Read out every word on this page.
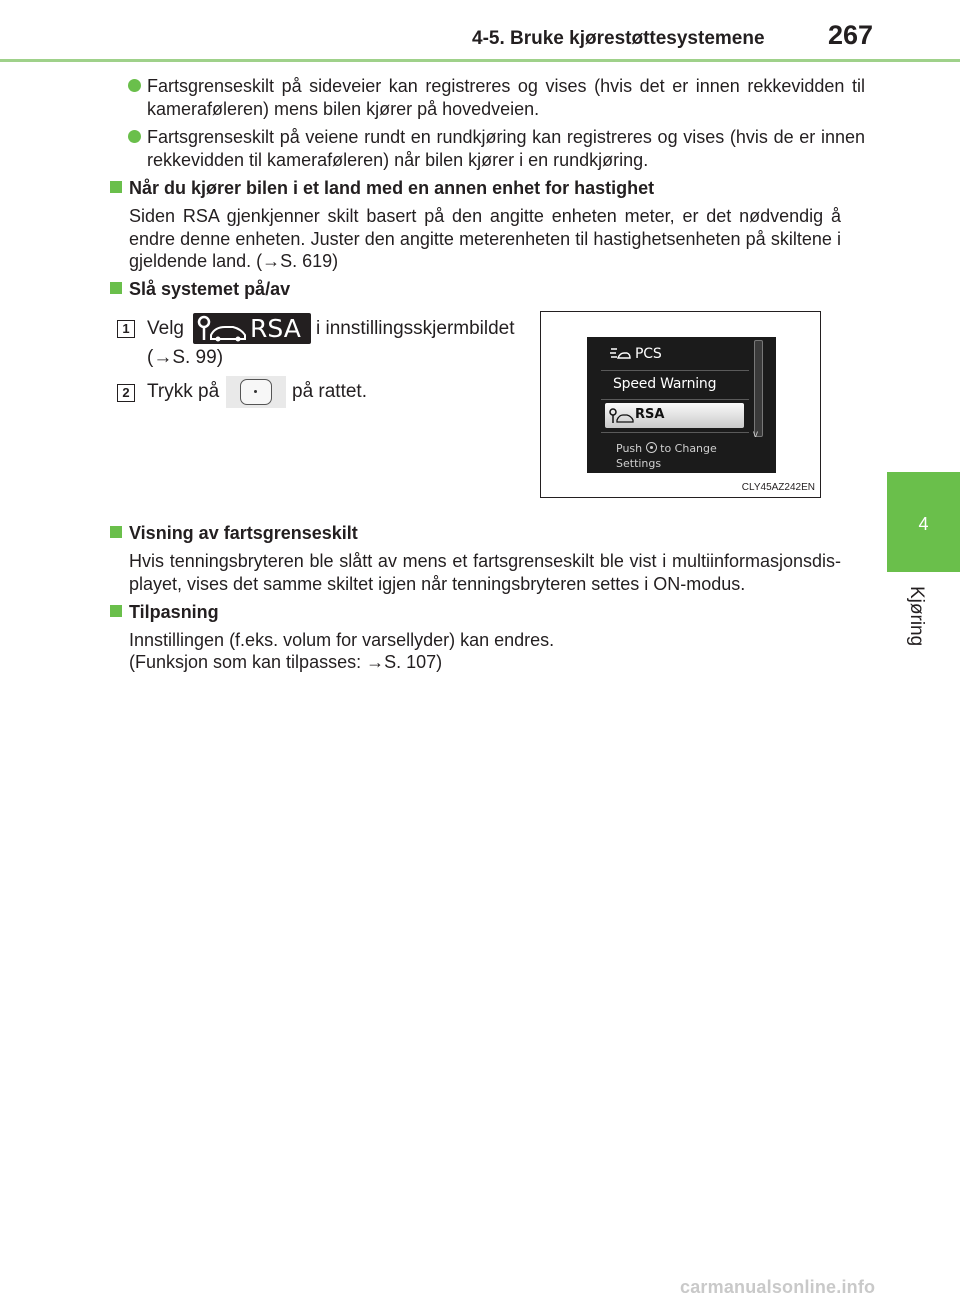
4-5. Bruke kjørestøttesystemene 267
4
Kjøring
Fartsgrenseskilt på sideveier kan registreres og vises (hvis det er innen rekkevidden til kameraføleren) mens bilen kjører på hovedveien.
Fartsgrenseskilt på veiene rundt en rundkjøring kan registreres og vises (hvis de er innen rekkevidden til kameraføleren) når bilen kjører i en rundkjøring.
Når du kjører bilen i et land med en annen enhet for hastighet
Siden RSA gjenkjenner skilt basert på den angitte enheten meter, er det nødvendig å endre denne enheten. Juster den angitte meterenheten til hastighetsenheten på skiltene i gjeldende land. (→S. 619)
Slå systemet på/av
1 Velg	RSA i innstillingsskjermbildet
(→S. 99)
2 Trykk på	på rattet.
PCS
Speed Warning
RSA
v
Push to Change
Settings
CLY45AZ242EN
Visning av fartsgrenseskilt
Hvis tenningsbryteren ble slått av mens et fartsgrenseskilt ble vist i multiinformasjonsdis-playet, vises det samme skiltet igjen når tenningsbryteren settes i ON-modus.
Tilpasning
Innstillingen (f.eks. volum for varsellyder) kan endres.
(Funksjon som kan tilpasses: →S. 107)
carmanualsonline.info
